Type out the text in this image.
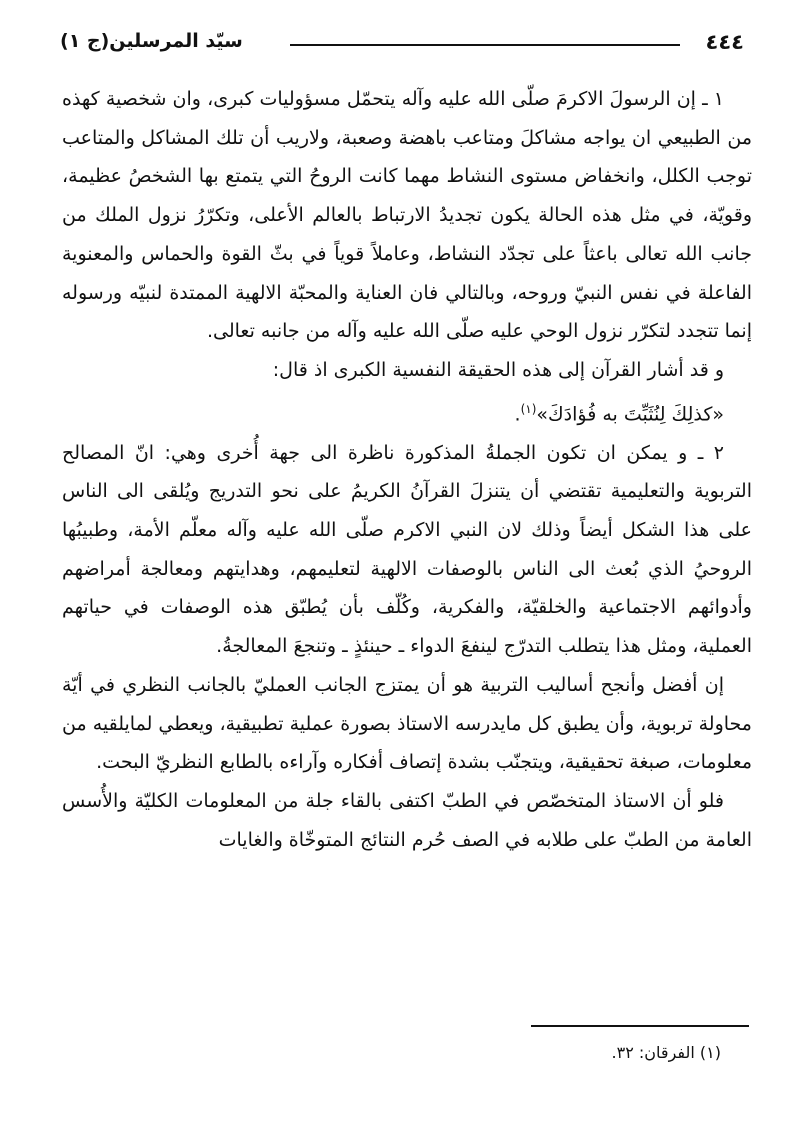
٤٤٤
سيّد المرسلين(ج ١)

١ ـ إن الرسولَ الاكرمَ صلّى الله عليه وآله يتحمّل مسؤوليات كبرى، وان شخصية كهذه من الطبيعي ان يواجه مشاكلَ ومتاعب باهضة وصعبة، ولاريب أن تلك المشاكل والمتاعب توجب الكلل، وانخفاض مستوى النشاط مهما كانت الروحُ التي يتمتع بها الشخصُ عظيمة، وقويّة، في مثل هذه الحالة يكون تجديدُ الارتباط بالعالم الأعلى، وتكرّرُ نزول الملك من جانب الله تعالى باعثاً على تجدّد النشاط، وعاملاً قوياً في بثّ القوة والحماس والمعنوية الفاعلة في نفس النبيّ وروحه، وبالتالي فان العناية والمحبّة الالهية الممتدة لنبيّه ورسوله إنما تتجدد لتكرّر نزول الوحي عليه صلّى الله عليه وآله من جانبه تعالى.

و قد أشار القرآن إلى هذه الحقيقة النفسية الكبرى اذ قال:

«كذلِكَ لِنُثَبِّتَ به فُؤادَكَ»$^{(١)}$.

٢ ـ و يمكن ان تكون الجملةُ المذكورة ناظرة الى جهة أُخرى وهي: انّ المصالح التربوية والتعليمية تقتضي أن يتنزلَ القرآنُ الكريمُ على نحو التدريج ويُلقى الى الناس على هذا الشكل أيضاً وذلك لان النبي الاكرم صلّى الله عليه وآله معلّم الأمة، وطبيبُها الروحيُ الذي بُعث الى الناس بالوصفات الالهية لتعليمهم، وهدايتهم ومعالجة أمراضهم وأدوائهم الاجتماعية والخلقيّة، والفكرية، وكُلّف بأن يُطبّق هذه الوصفات في حياتهم العملية، ومثل هذا يتطلب التدرّج لينفعَ الدواء ـ حينئذٍ ـ وتنجعَ المعالجةُ.

إن أفضل وأنجح أساليب التربية هو أن يمتزج الجانب العمليّ بالجانب النظري في أيّة محاولة تربوية، وأن يطبق كل مايدرسه الاستاذ بصورة عملية تطبيقية، ويعطي لمايلقيه من معلومات، صبغة تحقيقية، ويتجنّب بشدة إتصاف أفكاره وآراءه بالطابع النظريّ البحت.

فلو أن الاستاذ المتخصّص في الطبّ اكتفى بالقاء جلة من المعلومات الكليّة والأُسس العامة من الطبّ على طلابه في الصف حُرم النتائج المتوخّاة والغايات

(١) الفرقان: ٣٢.
